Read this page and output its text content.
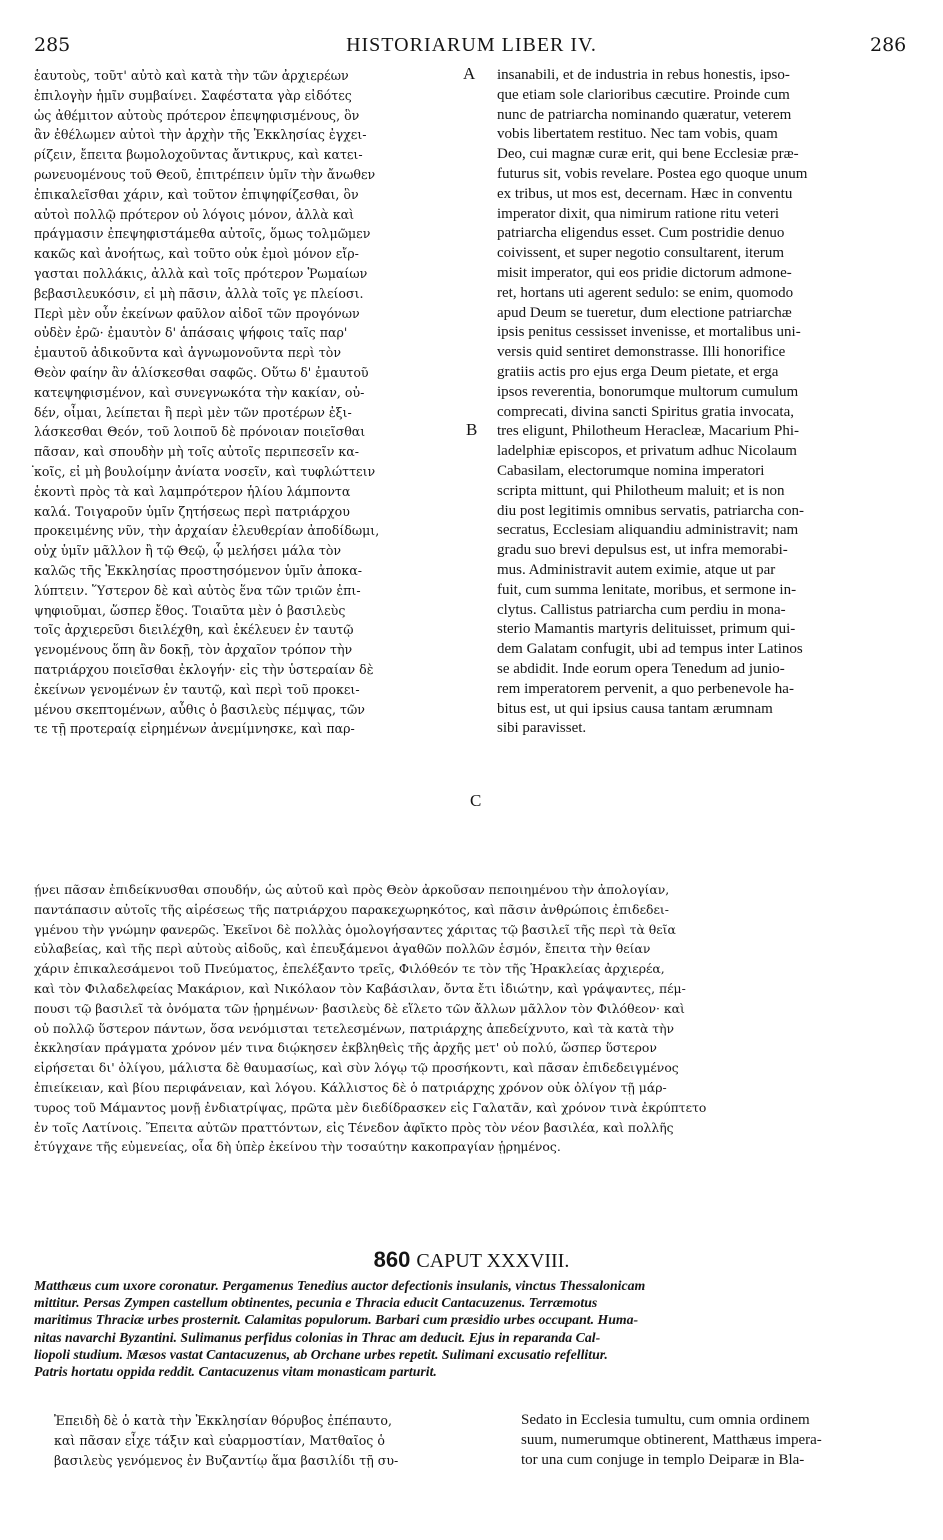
285	HISTORIARUM LIBER IV.	286
A
B
C
.
ἑαυτοὺς, τοῦτ' αὐτὸ καὶ κατὰ τὴν τῶν ἀρχιερέων
ἐπιλογὴν ἡμῖν συμβαίνει. Σαφέστατα γὰρ εἰδότες
ὡς ἀθέμιτον αὐτοὺς πρότερον ἐπεψηφισμένους, ὃν
ἂν ἐθέλωμεν αὐτοὶ τὴν ἀρχὴν τῆς Ἐκκλησίας ἐγχει-
ρίζειν, ἔπειτα βωμολοχοῦντας ἄντικρυς, καὶ κατει-
ρωνευομένους τοῦ Θεοῦ, ἐπιτρέπειν ὑμῖν τὴν ἄνωθεν
ἐπικαλεῖσθαι χάριν, καὶ τοῦτον ἐπιψηφίζεσθαι, ὃν
αὐτοὶ πολλῷ πρότερον οὐ λόγοις μόνον, ἀλλὰ καὶ
πράγμασιν ἐπεψηφιστάμεθα αὐτοῖς, ὅμως τολμῶμεν
κακῶς καὶ ἀνοήτως, καὶ τοῦτο οὐκ ἐμοὶ μόνον εἴρ-
γασται πολλάκις, ἀλλὰ καὶ τοῖς πρότερον Ῥωμαίων
βεβασιλευκόσιν, εἰ μὴ πᾶσιν, ἀλλὰ τοῖς γε πλείοσι.
Περὶ μὲν οὖν ἐκείνων φαῦλον αἰδοῖ τῶν προγόνων
οὐδὲν ἐρῶ· ἐμαυτὸν δ' ἁπάσαις ψήφοις ταῖς παρ'
ἐμαυτοῦ ἀδικοῦντα καὶ ἀγνωμονοῦντα περὶ τὸν
Θεὸν φαίην ἂν ἁλίσκεσθαι σαφῶς. Οὕτω δ' ἐμαυτοῦ
κατεψηφισμένον, καὶ συνεγνωκότα τὴν κακίαν, οὐ-
δέν, οἶμαι, λείπεται ἢ περὶ μὲν τῶν προτέρων ἐξι-
λάσκεσθαι Θεόν, τοῦ λοιποῦ δὲ πρόνοιαν ποιεῖσθαι
πᾶσαν, καὶ σπουδὴν μὴ τοῖς αὐτοῖς περιπεσεῖν κα-
κοῖς, εἰ μὴ βουλοίμην ἀνίατα νοσεῖν, καὶ τυφλώττειν
ἑκοντὶ πρὸς τὰ καὶ λαμπρότερον ἡλίου λάμποντα
καλά. Τοιγαροῦν ὑμῖν ζητήσεως περὶ πατριάρχου
προκειμένης νῦν, τὴν ἀρχαίαν ἐλευθερίαν ἀποδίδωμι,
οὐχ ὑμῖν μᾶλλον ἢ τῷ Θεῷ, ᾧ μελήσει μάλα τὸν
καλῶς τῆς Ἐκκλησίας προστησόμενον ὑμῖν ἀποκα-
λύπτειν. Ὕστερον δὲ καὶ αὐτὸς ἕνα τῶν τριῶν ἐπι-
ψηφιοῦμαι, ὥσπερ ἔθος. Τοιαῦτα μὲν ὁ βασιλεὺς
τοῖς ἀρχιερεῦσι διειλέχθη, καὶ ἐκέλευεν ἐν ταυτῷ
γενομένους ὅπη ἂν δοκῇ, τὸν ἀρχαῖον τρόπον τὴν
πατριάρχου ποιεῖσθαι ἐκλογήν· εἰς τὴν ὑστεραίαν δὲ
ἐκείνων γενομένων ἐν ταυτῷ, καὶ περὶ τοῦ προκει-
μένου σκεπτομένων, αὖθις ὁ βασιλεὺς πέμψας, τῶν
τε τῇ προτεραίᾳ εἰρημένων ἀνεμίμνησκε, καὶ παρ-
insanabili, et de industria in rebus honestis, ipso-
que etiam sole clarioribus cæcutire. Proinde cum
nunc de patriarcha nominando quæratur, veterem
vobis libertatem restituo. Nec tam vobis, quam
Deo, cui magnæ curæ erit, qui bene Ecclesiæ præ-
futurus sit, vobis revelare. Postea ego quoque unum
ex tribus, ut mos est, decernam. Hæc in conventu
imperator dixit, qua nimirum ratione ritu veteri
patriarcha eligendus esset. Cum postridie denuo
coivissent, et super negotio consultarent, iterum
misit imperator, qui eos pridie dictorum admone-
ret, hortans uti agerent sedulo: se enim, quomodo
apud Deum se tueretur, dum electione patriarchæ
ipsis penitus cessisset invenisse, et mortalibus uni-
versis quid sentiret demonstrasse. Illi honorifice
gratiis actis pro ejus erga Deum pietate, et erga
ipsos reverentia, bonorumque multorum cumulum
comprecati, divina sancti Spiritus gratia invocata,
tres eligunt, Philotheum Heracleæ, Macarium Phi-
ladelphiæ episcopos, et privatum adhuc Nicolaum
Cabasilam, electorumque nomina imperatori
scripta mittunt, qui Philotheum maluit; et is non
diu post legitimis omnibus servatis, patriarcha con-
secratus, Ecclesiam aliquandiu administravit; nam
gradu suo brevi depulsus est, ut infra memorabi-
mus. Administravit autem eximie, atque ut par
fuit, cum summa lenitate, moribus, et sermone in-
clytus. Callistus patriarcha cum perdiu in mona-
sterio Mamantis martyris delituisset, primum qui-
dem Galatam confugit, ubi ad tempus inter Latinos
se abdidit. Inde eorum opera Tenedum ad junio-
rem imperatorem pervenit, a quo perbenevole ha-
bitus est, ut qui ipsius causa tantam ærumnam
sibi paravisset.
ῄνει πᾶσαν ἐπιδείκνυσθαι σπουδήν, ὡς αὐτοῦ καὶ πρὸς Θεὸν ἀρκοῦσαν πεποιημένου τὴν ἀπολογίαν,
παντάπασιν αὐτοῖς τῆς αἱρέσεως τῆς πατριάρχου παρακεχωρηκότος, καὶ πᾶσιν ἀνθρώποις ἐπιδεδει-
γμένου τὴν γνώμην φανερῶς. Ἐκεῖνοι δὲ πολλὰς ὁμολογήσαντες χάριτας τῷ βασιλεῖ τῆς περὶ τὰ θεῖα
εὐλαβείας, καὶ τῆς περὶ αὐτοὺς αἰδοῦς, καὶ ἐπευξάμενοι ἀγαθῶν πολλῶν ἑσμόν, ἔπειτα τὴν θείαν
χάριν ἐπικαλεσάμενοι τοῦ Πνεύματος, ἐπελέξαντο τρεῖς, Φιλόθεόν τε τὸν τῆς Ἡρακλείας ἀρχιερέα,
καὶ τὸν Φιλαδελφείας Μακάριον, καὶ Νικόλαον τὸν Καβάσιλαν, ὄντα ἔτι ἰδιώτην, καὶ γράψαντες, πέμ-
πουσι τῷ βασιλεῖ τὰ ὀνόματα τῶν ᾑρημένων· βασιλεὺς δὲ εἵλετο τῶν ἄλλων μᾶλλον τὸν Φιλόθεον· καὶ
οὐ πολλῷ ὕστερον πάντων, ὅσα νενόμισται τετελεσμένων, πατριάρχης ἀπεδείχνυτο, καὶ τὰ κατὰ τὴν
ἐκκλησίαν πράγματα χρόνον μέν τινα διῴκησεν ἐκβληθεὶς τῆς ἀρχῆς μετ' οὐ πολύ, ὥσπερ ὕστερον
εἰρήσεται δι' ὀλίγου, μάλιστα δὲ θαυμασίως, καὶ σὺν λόγῳ τῷ προσήκοντι, καὶ πᾶσαν ἐπιδεδειγμένος
ἐπιείκειαν, καὶ βίου περιφάνειαν, καὶ λόγου. Κάλλιστος δὲ ὁ πατριάρχης χρόνον οὐκ ὀλίγον τῇ μάρ-
τυρος τοῦ Μάμαντος μονῇ ἐνδιατρίψας, πρῶτα μὲν διεδίδρασκεν εἰς Γαλατᾶν, καὶ χρόνον τινὰ ἐκρύπτετο
ἐν τοῖς Λατίνοις. Ἔπειτα αὐτῶν πραττόντων, εἰς Τένεδον ἀφῖκτο πρὸς τὸν νέον βασιλέα, καὶ πολλῆς
ἐτύγχανε τῆς εὐμενείας, οἷα δὴ ὑπὲρ ἐκείνου τὴν τοσαύτην κακοπραγίαν ᾑρημένος.
860 CAPUT XXXVIII.
Matthæus cum uxore coronatur. Pergamenus Tenedius auctor defectionis insulanis, vinctus Thessalonicam
mittitur. Persas Zympen castellum obtinentes, pecunia e Thracia educit Cantacuzenus. Terræmotus
maritimus Thraciæ urbes prosternit. Calamitas populorum. Barbari cum præsidio urbes occupant. Huma-
nitas navarchi Byzantini. Sulimanus perfidus colonias in Thrac am deducit. Ejus in reparanda Cal-
liopoli studium. Mæsos vastat Cantacuzenus, ab Orchane urbes repetit. Sulimani excusatio refellitur.
Patris hortatu oppida reddit. Cantacuzenus vitam monasticam parturit.
Ἐπειδὴ δὲ ὁ κατὰ τὴν Ἐκκλησίαν θόρυβος ἐπέπαυτο,
καὶ πᾶσαν εἶχε τάξιν καὶ εὐαρμοστίαν, Ματθαῖος ὁ
βασιλεὺς γενόμενος ἐν Βυζαντίῳ ἅμα βασιλίδι τῇ συ-
Sedato in Ecclesia tumultu, cum omnia ordinem
suum, numerumque obtinerent, Matthæus impera-
tor una cum conjuge in templo Deiparæ in Bla-
